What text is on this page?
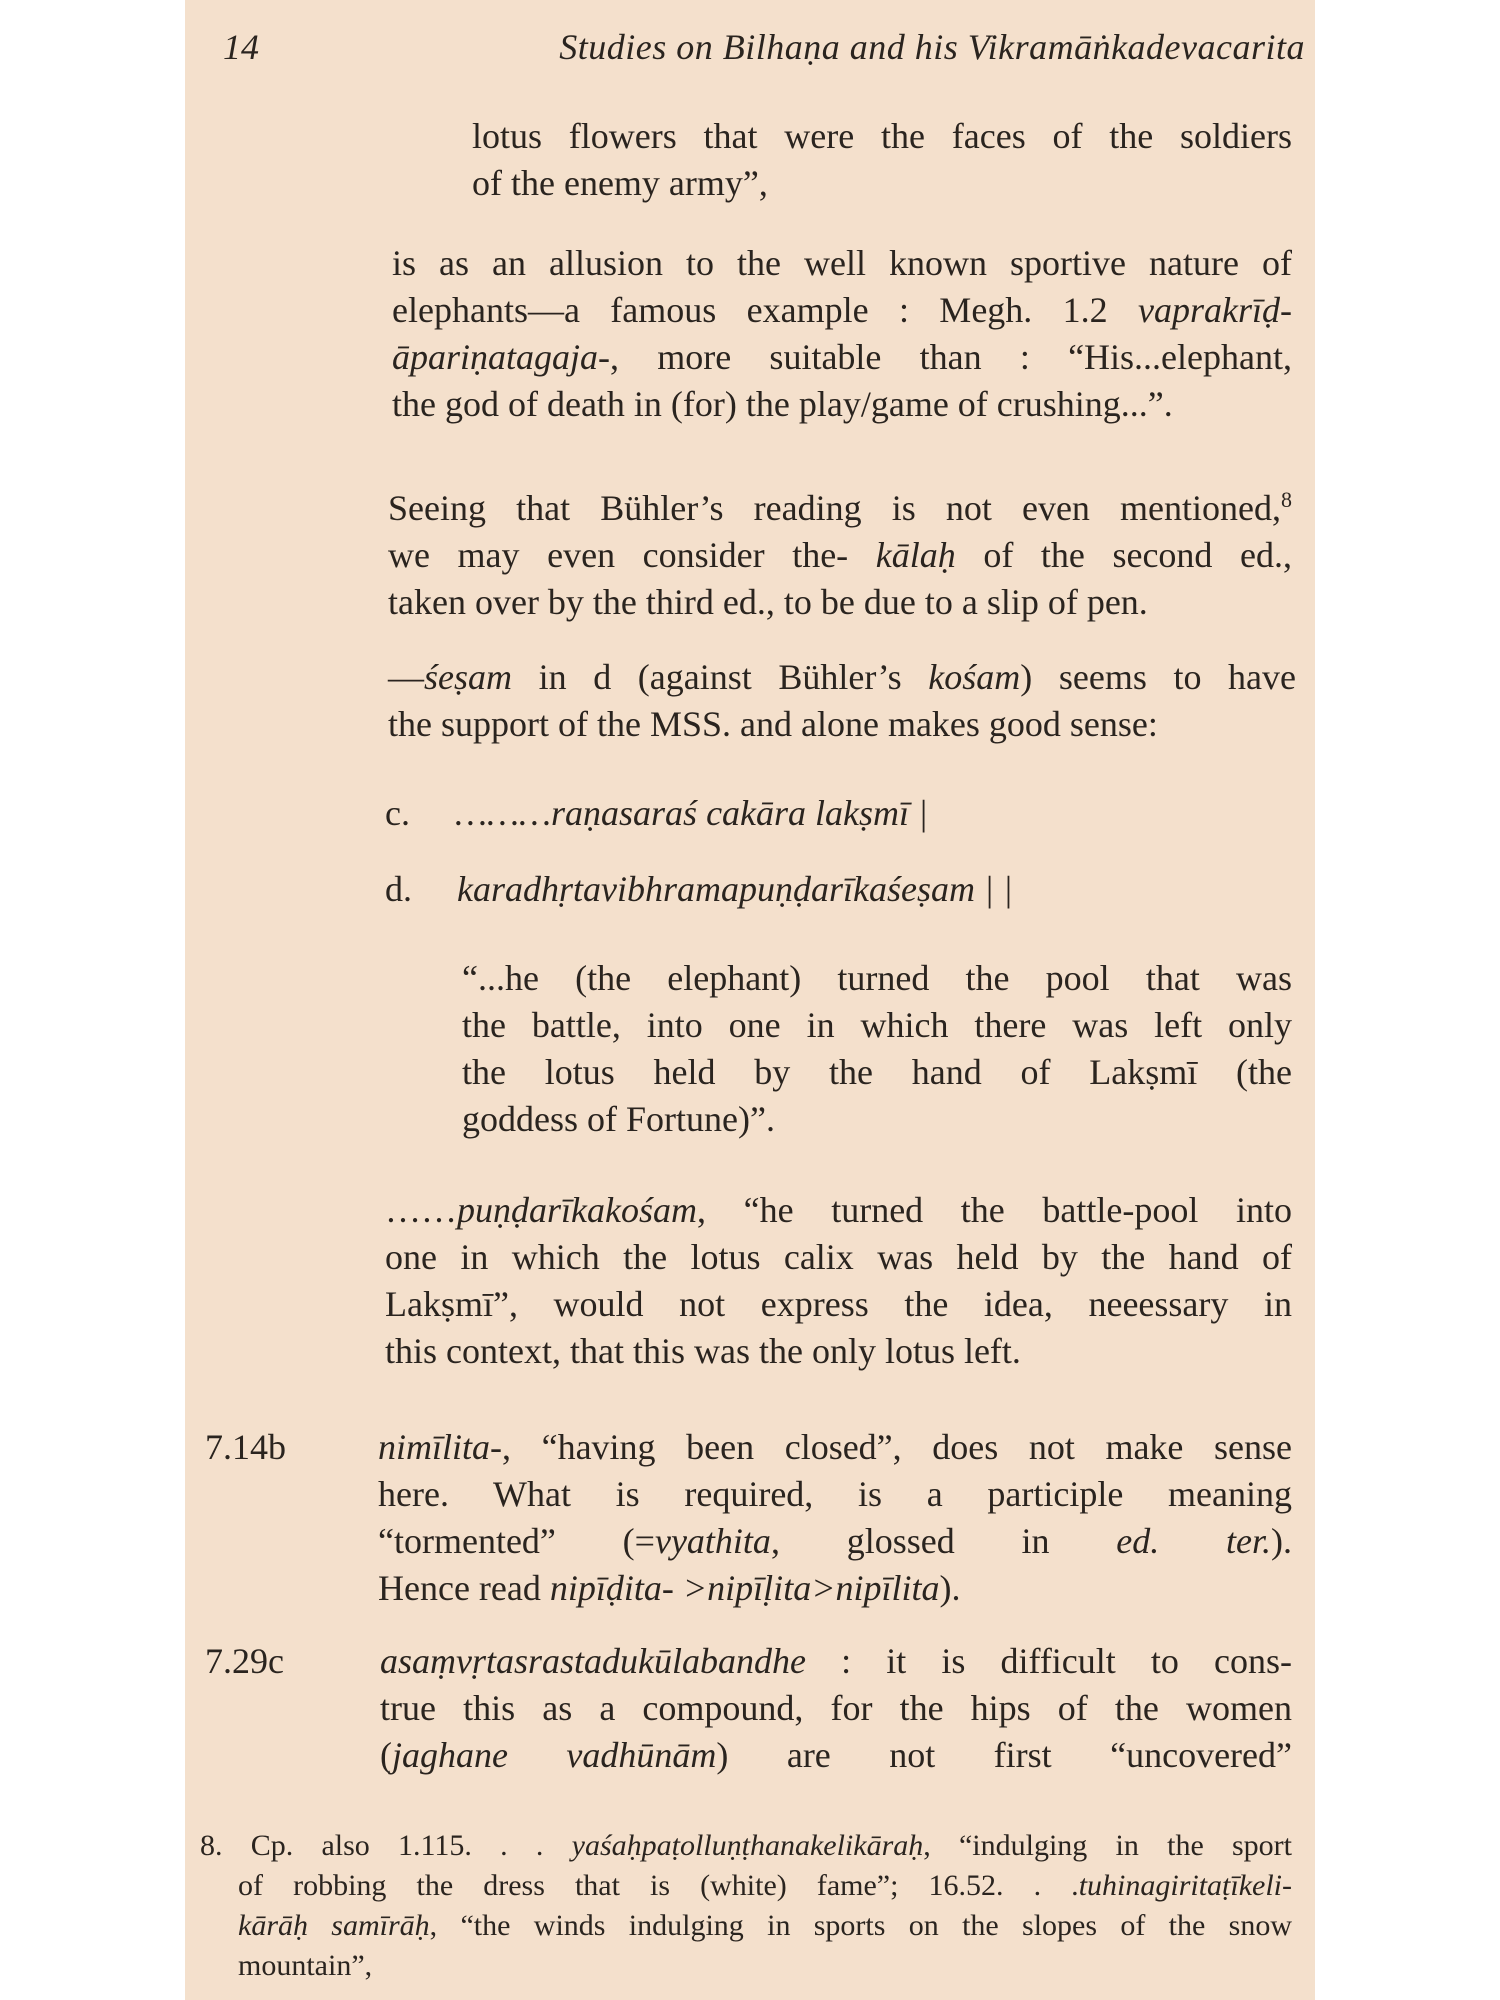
14	Studies on Bilhaṇa and his Vikramāṅkadevacarita
lotus flowers that were the faces of the soldiers
of the enemy army”,
is as an allusion to the well known sportive nature of
elephants—a famous example : Megh. 1.2 vaprakrīḍ-
āpariṇatagaja-, more suitable than : “His...elephant,
the god of death in (for) the play/game of crushing...”.
Seeing that Bühler’s reading is not even mentioned,$^8$
we may even consider the- kālaḥ of the second ed.,
taken over by the third ed., to be due to a slip of pen.
—śeṣam in d (against Bühler’s kośam) seems to have
the support of the MSS. and alone makes good sense:
c. ………raṇasaraś cakāra lakṣmī |
d. karadhṛtavibhramapuṇḍarīkaśeṣam | |
“...he (the elephant) turned the pool that was
the battle, into one in which there was left only
the lotus held by the hand of Lakṣmī (the
goddess of Fortune)”.
……puṇḍarīkakośam, “he turned the battle-pool into
one in which the lotus calix was held by the hand of
Lakṣmī”, would not express the idea, neeessary in
this context, that this was the only lotus left.
7.14b	nimīlita-, “having been closed”, does not make sense
here. What is required, is a participle meaning
“tormented” (=vyathita, glossed in ed. ter.).
Hence read nipīḍita- >nipīḷita>nipīlita).
7.29c	asaṃvṛtasrastadukūlabandhe : it is difficult to cons-
true this as a compound, for the hips of the women
(jaghane vadhūnām) are not first “uncovered”
8. Cp. also 1.115. . . yaśaḥpaṭolluṇṭhanakelikāraḥ, “indulging in the sport
of robbing the dress that is (white) fame”; 16.52. . .tuhinagiritaṭīkeli-
kārāḥ samīrāḥ, “the winds indulging in sports on the slopes of the snow
mountain”,
